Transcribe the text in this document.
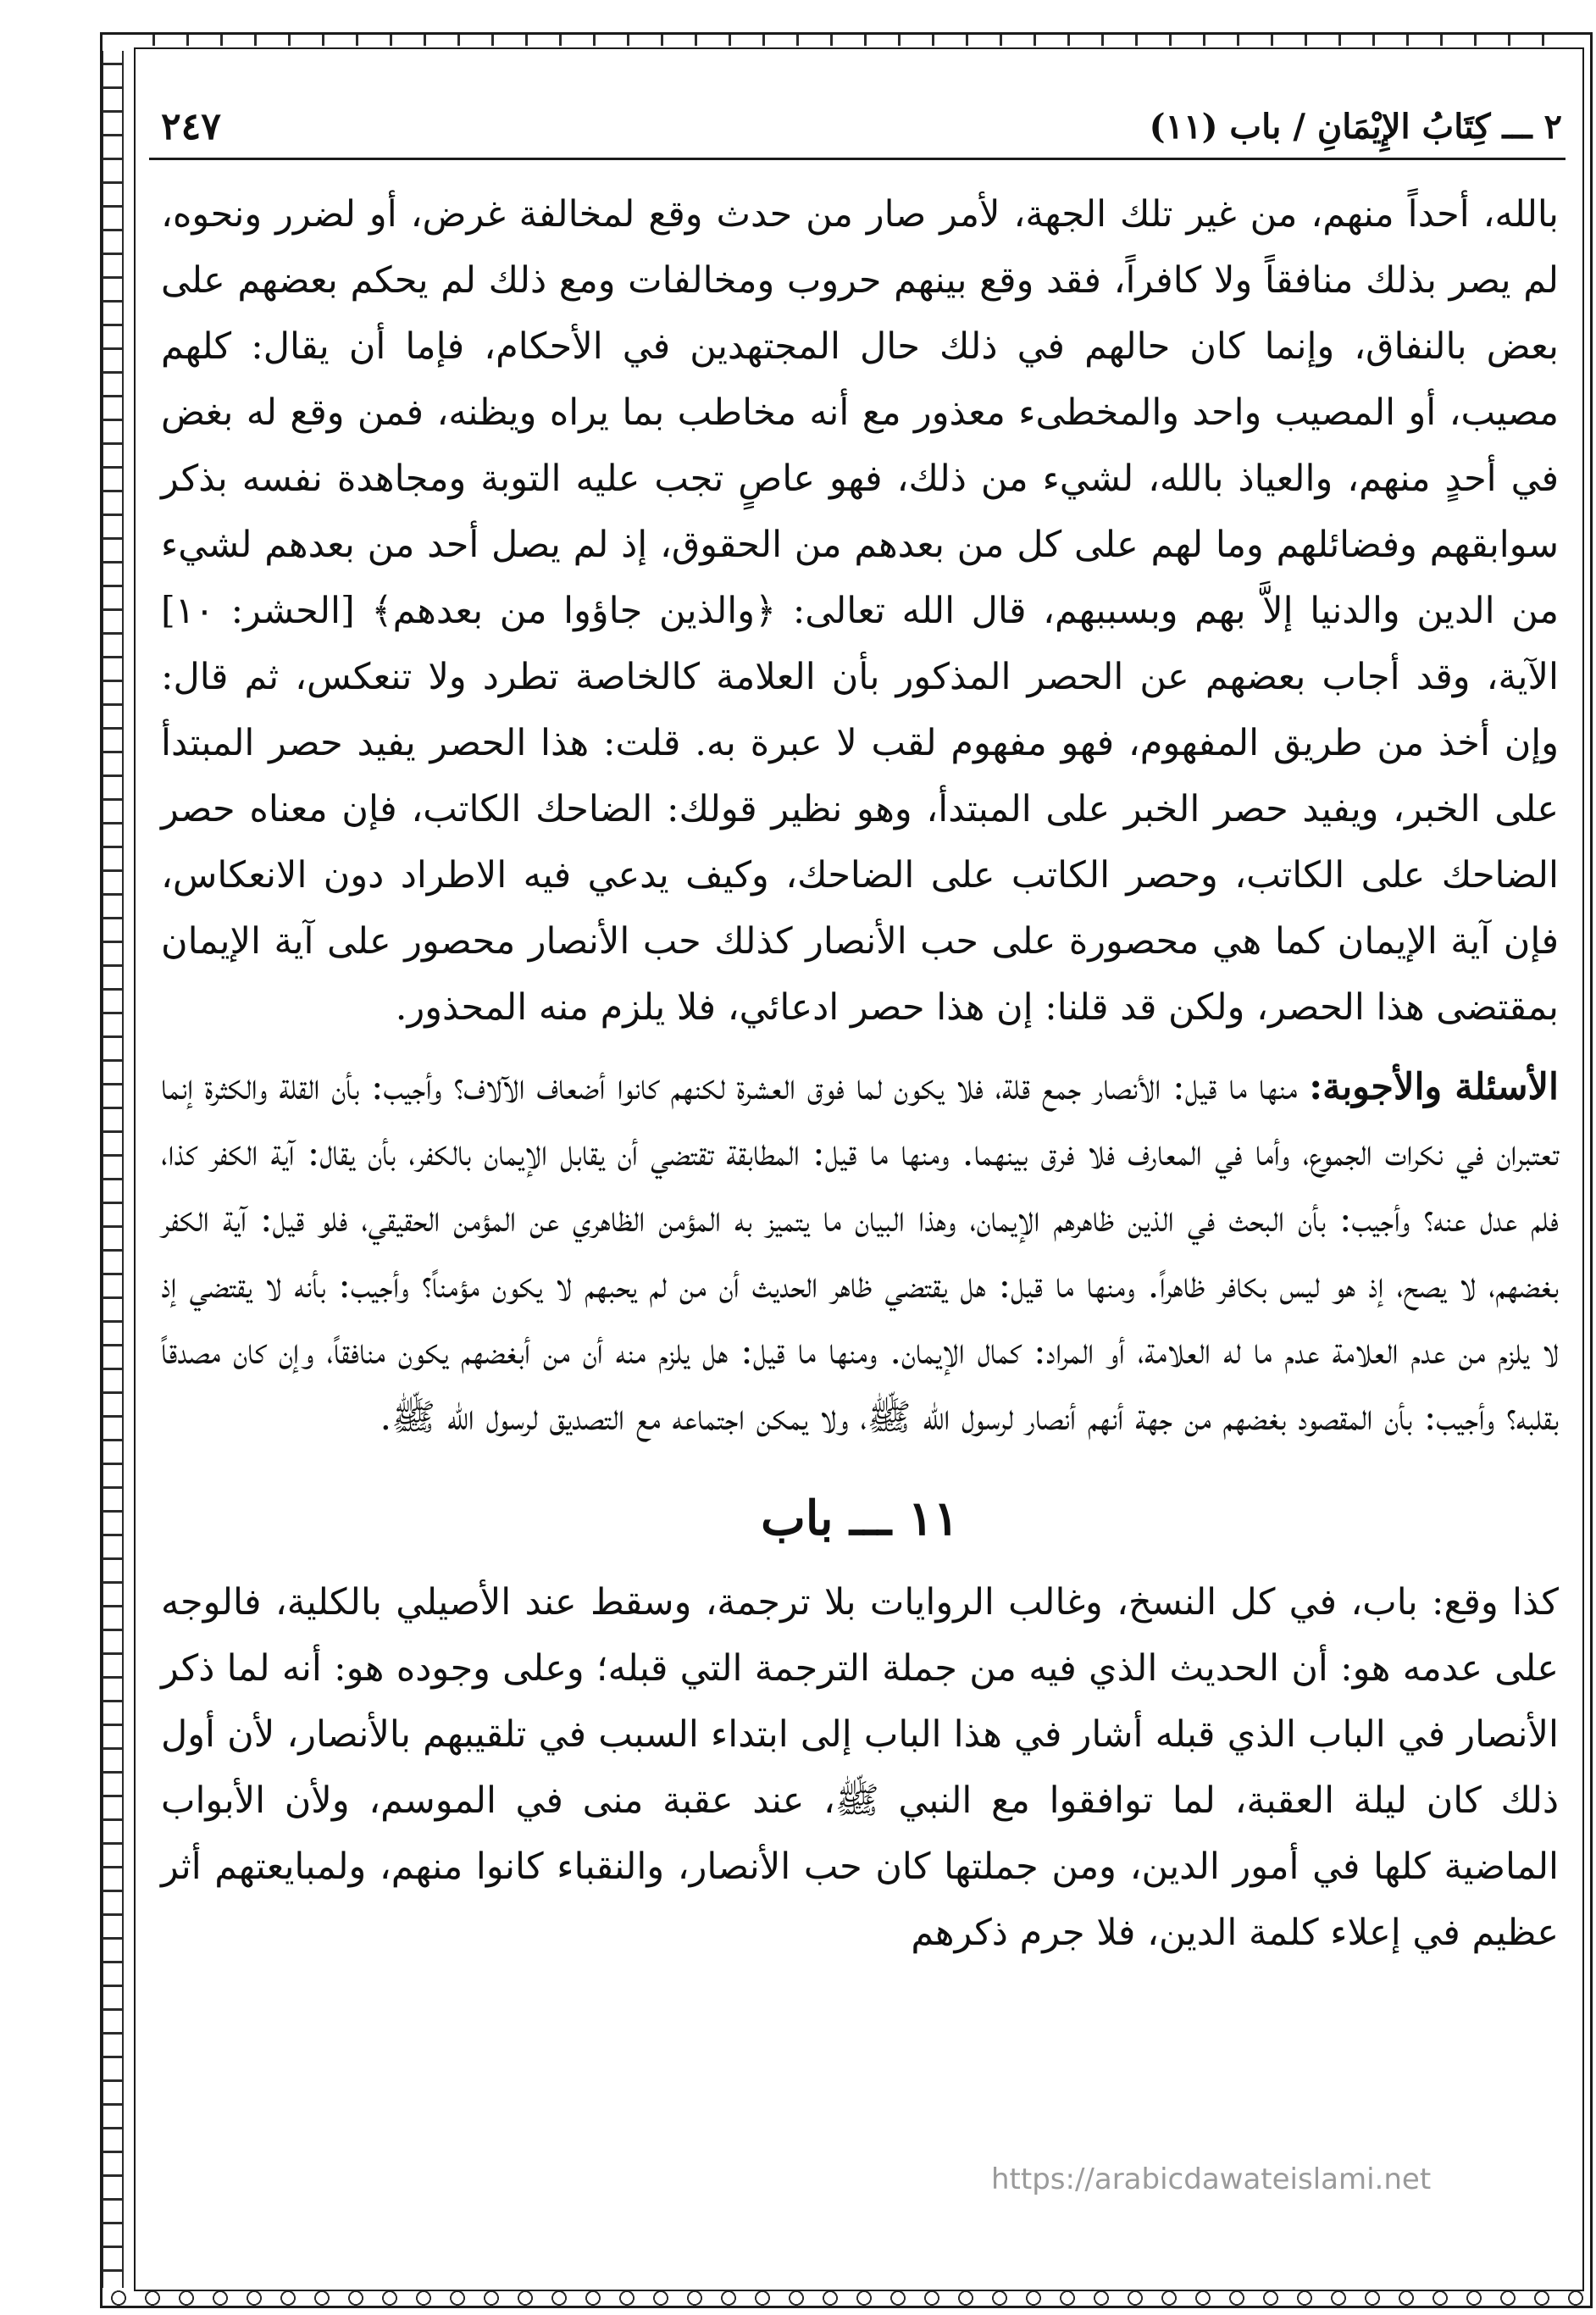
٢٤٧	٢ ـــ كِتَابُ الإِيْمَانِ / باب (١١)

بالله، أحداً منهم، من غير تلك الجهة، لأمر صار من حدث وقع لمخالفة غرض، أو لضرر ونحوه، لم يصر بذلك منافقاً ولا كافراً، فقد وقع بينهم حروب ومخالفات ومع ذلك لم يحكم بعضهم على بعض بالنفاق، وإنما كان حالهم في ذلك حال المجتهدين في الأحكام، فإما أن يقال: كلهم مصيب، أو المصيب واحد والمخطىء معذور مع أنه مخاطب بما يراه ويظنه، فمن وقع له بغض في أحدٍ منهم، والعياذ بالله، لشيء من ذلك، فهو عاصٍ تجب عليه التوبة ومجاهدة نفسه بذكر سوابقهم وفضائلهم وما لهم على كل من بعدهم من الحقوق، إذ لم يصل أحد من بعدهم لشيء من الدين والدنيا إلاَّ بهم وبسببهم، قال الله تعالى: ﴿والذين جاؤوا من بعدهم﴾ [الحشر: ١٠] الآية، وقد أجاب بعضهم عن الحصر المذكور بأن العلامة كالخاصة تطرد ولا تنعكس، ثم قال: وإن أخذ من طريق المفهوم، فهو مفهوم لقب لا عبرة به. قلت: هذا الحصر يفيد حصر المبتدأ على الخبر، ويفيد حصر الخبر على المبتدأ، وهو نظير قولك: الضاحك الكاتب، فإن معناه حصر الضاحك على الكاتب، وحصر الكاتب على الضاحك، وكيف يدعي فيه الاطراد دون الانعكاس، فإن آية الإيمان كما هي محصورة على حب الأنصار كذلك حب الأنصار محصور على آية الإيمان بمقتضى هذا الحصر، ولكن قد قلنا: إن هذا حصر ادعائي، فلا يلزم منه المحذور.

الأسئلة والأجوبة: منها ما قيل: الأنصار جمع قلة، فلا يكون لما فوق العشرة لكنهم كانوا أضعاف الآلاف؟ وأجيب: بأن القلة والكثرة إنما تعتبران في نكرات الجموع، وأما في المعارف فلا فرق بينهما. ومنها ما قيل: المطابقة تقتضي أن يقابل الإيمان بالكفر، بأن يقال: آية الكفر كذا، فلم عدل عنه؟ وأجيب: بأن البحث في الذين ظاهرهم الإيمان، وهذا البيان ما يتميز به المؤمن الظاهري عن المؤمن الحقيقي، فلو قيل: آية الكفر بغضهم، لا يصح، إذ هو ليس بكافر ظاهراً. ومنها ما قيل: هل يقتضي ظاهر الحديث أن من لم يحبهم لا يكون مؤمناً؟ وأجيب: بأنه لا يقتضي إذ لا يلزم من عدم العلامة عدم ما له العلامة، أو المراد: كمال الإيمان. ومنها ما قيل: هل يلزم منه أن من أبغضهم يكون منافقاً، وإن كان مصدقاً بقلبه؟ وأجيب: بأن المقصود بغضهم من جهة أنهم أنصار لرسول الله ﷺ، ولا يمكن اجتماعه مع التصديق لرسول الله ﷺ.

١١ ـــ باب

كذا وقع: باب، في كل النسخ، وغالب الروايات بلا ترجمة، وسقط عند الأصيلي بالكلية، فالوجه على عدمه هو: أن الحديث الذي فيه من جملة الترجمة التي قبله؛ وعلى وجوده هو: أنه لما ذكر الأنصار في الباب الذي قبله أشار في هذا الباب إلى ابتداء السبب في تلقيبهم بالأنصار، لأن أول ذلك كان ليلة العقبة، لما توافقوا مع النبي ﷺ، عند عقبة منى في الموسم، ولأن الأبواب الماضية كلها في أمور الدين، ومن جملتها كان حب الأنصار، والنقباء كانوا منهم، ولمبايعتهم أثر عظيم في إعلاء كلمة الدين، فلا جرم ذكرهم

https://arabicdawateislami.net
